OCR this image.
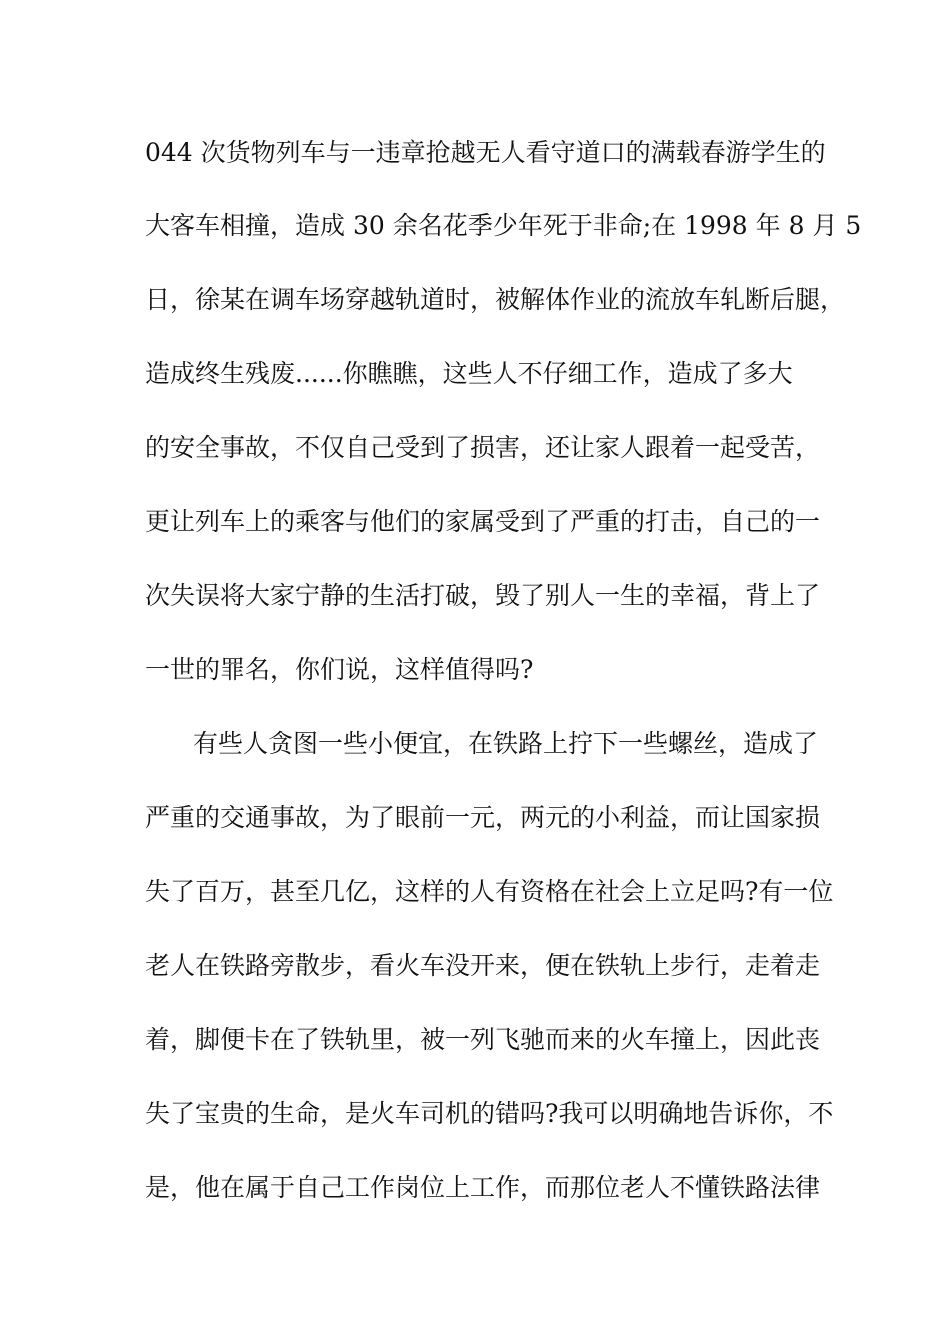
044 次货物列车与一违章抢越无人看守道口的满载春游学生的
大客车相撞，造成 30 余名花季少年死于非命;在 1998 年 8 月 5
日，徐某在调车场穿越轨道时，被解体作业的流放车轧断后腿，
造成终生残废......你瞧瞧，这些人不仔细工作，造成了多大
的安全事故，不仅自己受到了损害，还让家人跟着一起受苦，
更让列车上的乘客与他们的家属受到了严重的打击，自己的一
次失误将大家宁静的生活打破，毁了别人一生的幸福，背上了
一世的罪名，你们说，这样值得吗?
有些人贪图一些小便宜，在铁路上拧下一些螺丝，造成了
严重的交通事故，为了眼前一元，两元的小利益，而让国家损
失了百万，甚至几亿，这样的人有资格在社会上立足吗?有一位
老人在铁路旁散步，看火车没开来，便在铁轨上步行，走着走
着，脚便卡在了铁轨里，被一列飞驰而来的火车撞上，因此丧
失了宝贵的生命，是火车司机的错吗?我可以明确地告诉你，不
是，他在属于自己工作岗位上工作，而那位老人不懂铁路法律
